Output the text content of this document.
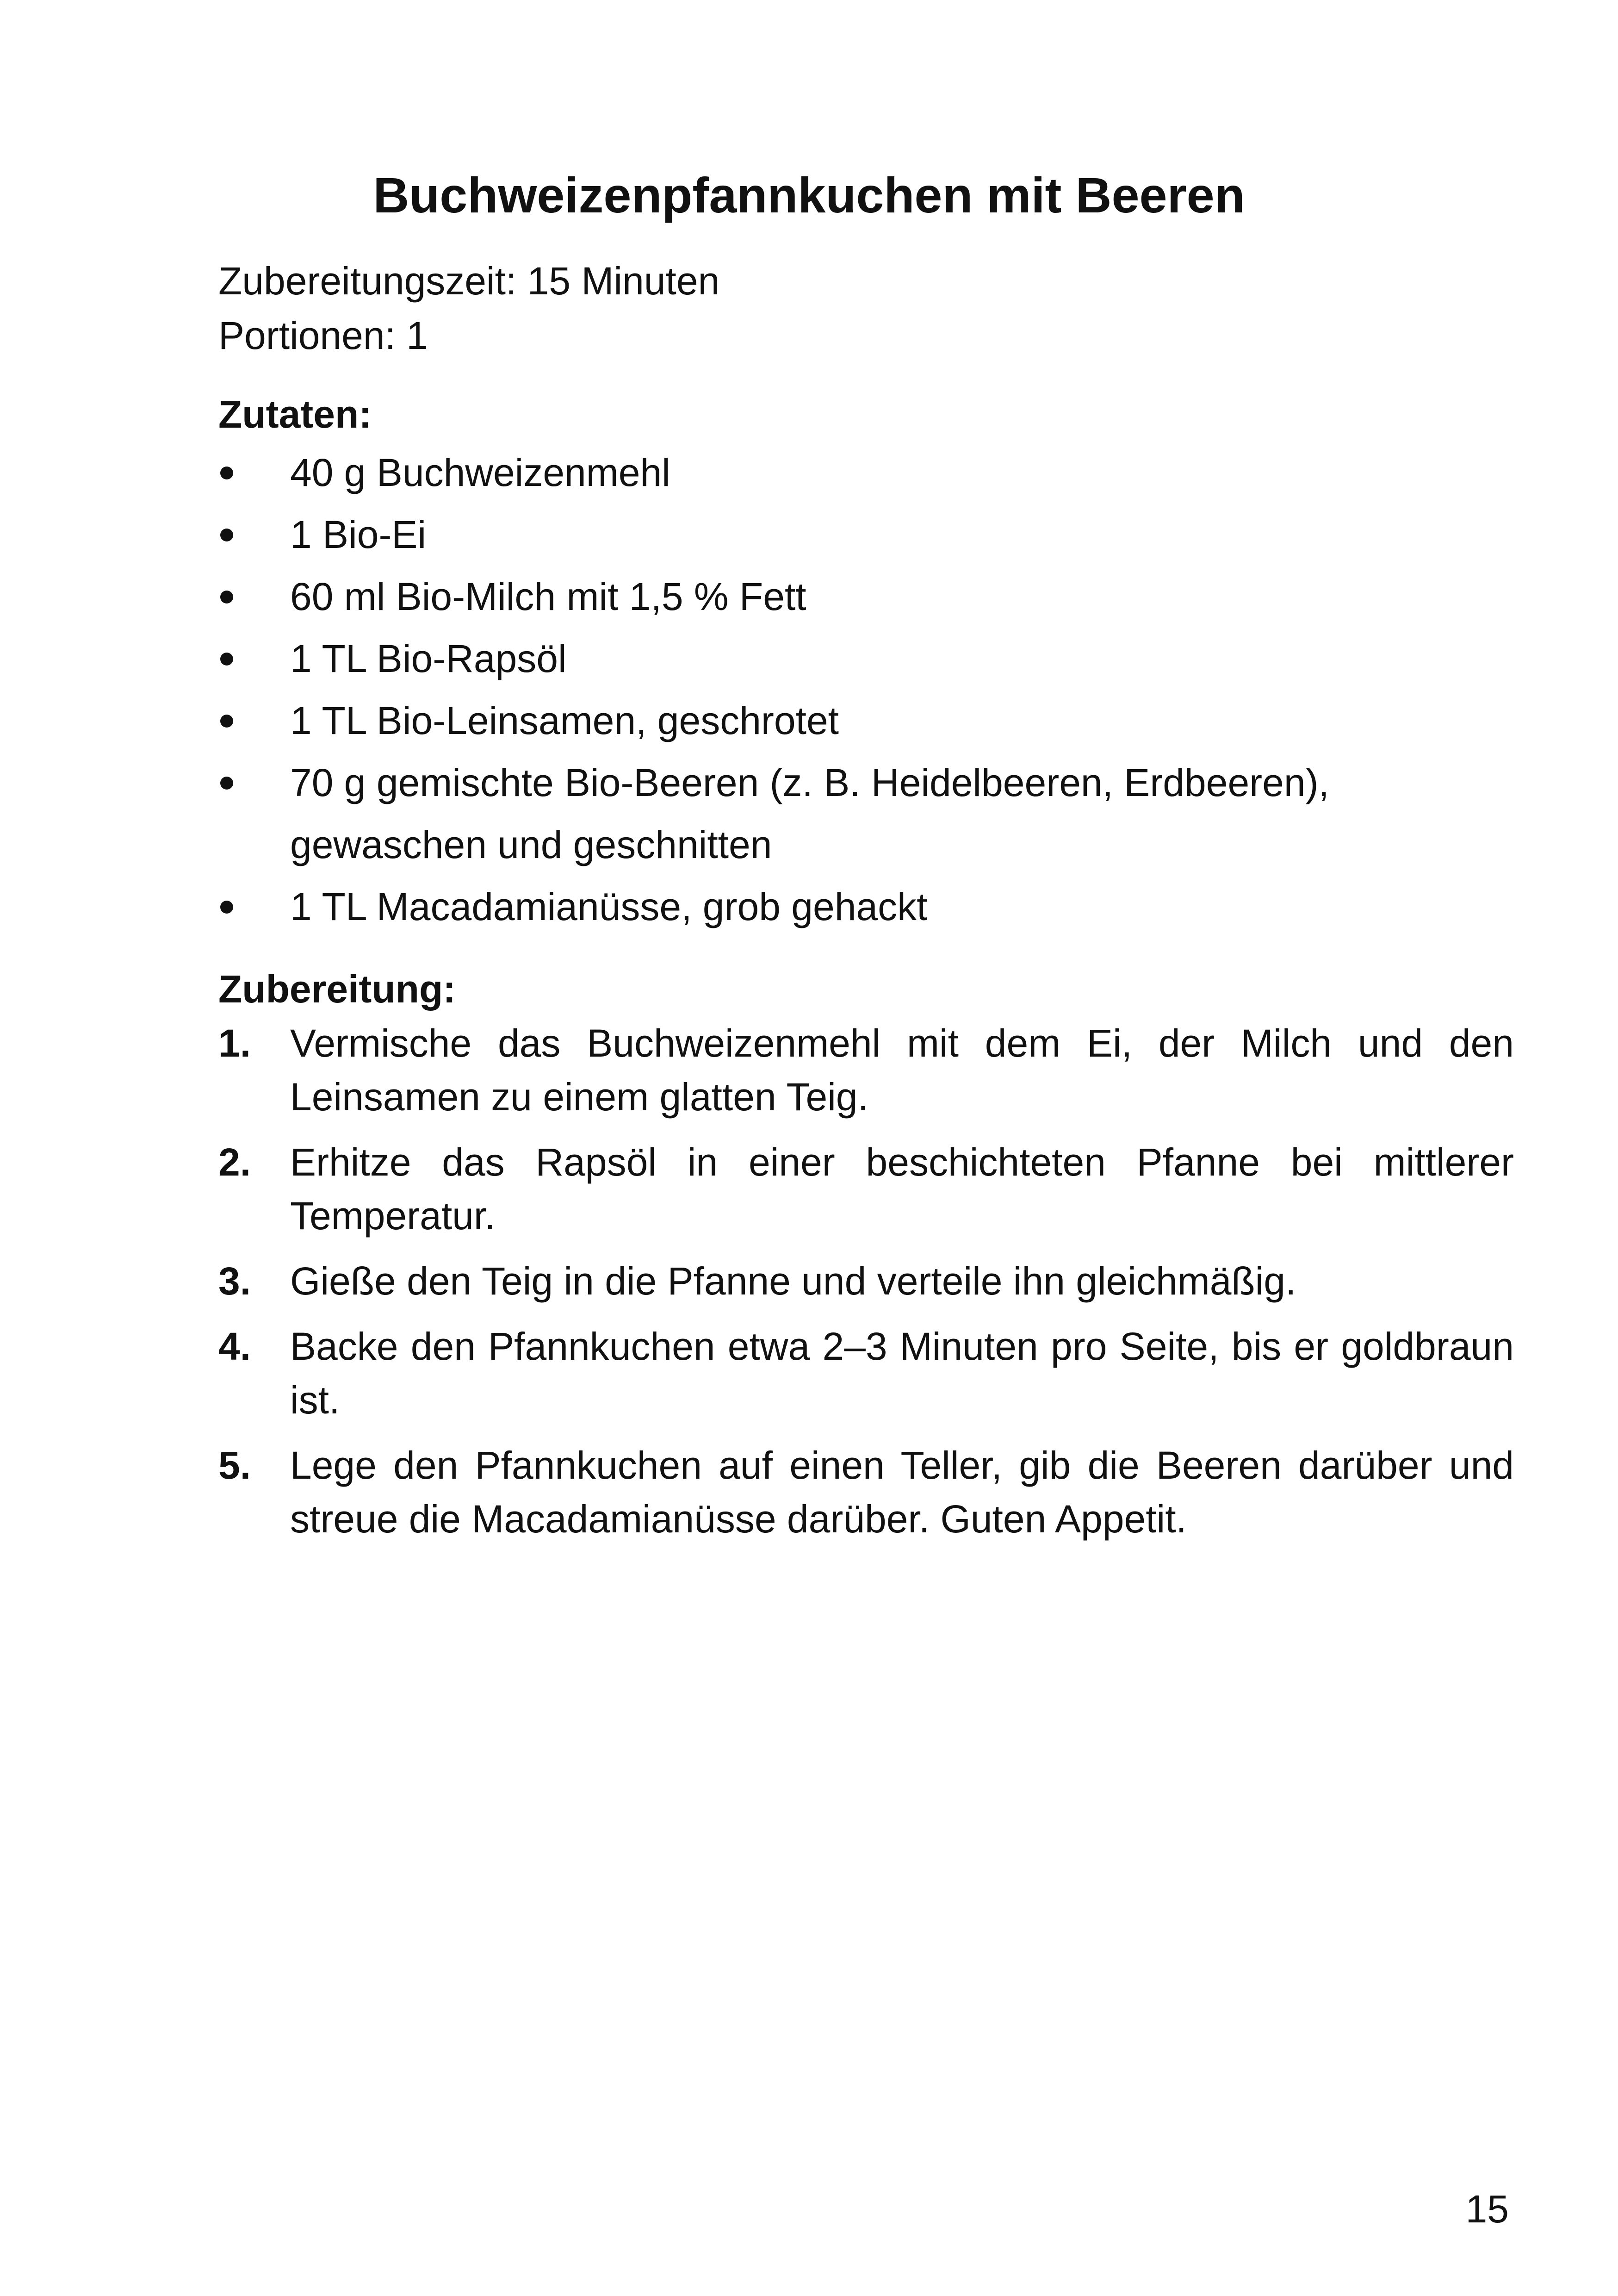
Buchweizenpfannkuchen mit Beeren

Zubereitungszeit: 15 Minuten

Portionen: 1

Zutaten:
40 g Buchweizenmehl
1 Bio-Ei
60 ml Bio-Milch mit 1,5 % Fett
1 TL Bio-Rapsöl
1 TL Bio-Leinsamen, geschrotet
70 g gemischte Bio-Beeren (z. B. Heidelbeeren, Erdbeeren), gewaschen und geschnitten
1 TL Macadamianüsse, grob gehackt
Zubereitung:
1. Vermische das Buchweizenmehl mit dem Ei, der Milch und den Leinsamen zu einem glatten Teig.
2. Erhitze das Rapsöl in einer beschichteten Pfanne bei mittlerer Temperatur.
3. Gieße den Teig in die Pfanne und verteile ihn gleichmäßig.
4. Backe den Pfannkuchen etwa 2–3 Minuten pro Seite, bis er goldbraun ist.
5. Lege den Pfannkuchen auf einen Teller, gib die Beeren darüber und streue die Macadamianüsse darüber. Guten Appetit.
15
